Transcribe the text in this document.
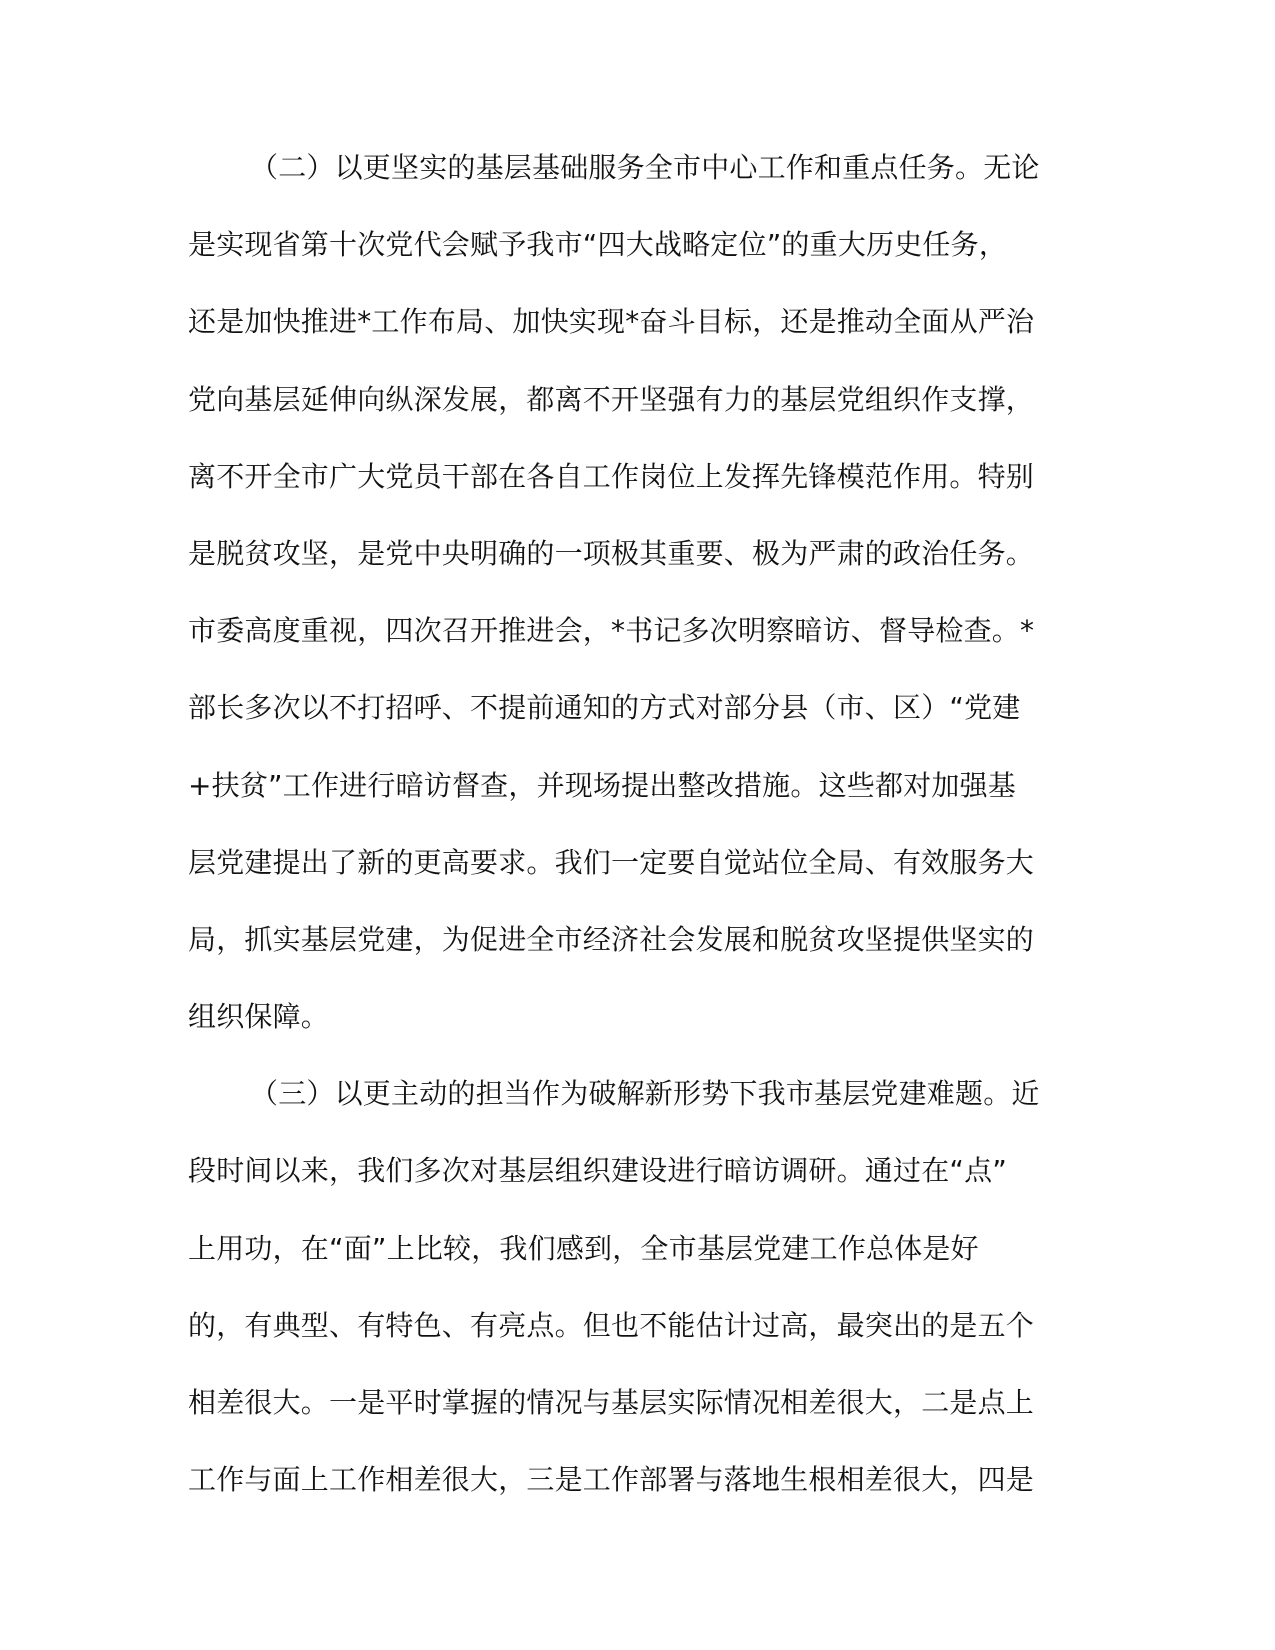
（二）以更坚实的基层基础服务全市中心工作和重点任务。无论
是实现省第十次党代会赋予我市“四大战略定位”的重大历史任务，
还是加快推进*工作布局、加快实现*奋斗目标，还是推动全面从严治
党向基层延伸向纵深发展，都离不开坚强有力的基层党组织作支撑，
离不开全市广大党员干部在各自工作岗位上发挥先锋模范作用。特别
是脱贫攻坚，是党中央明确的一项极其重要、极为严肃的政治任务。
市委高度重视，四次召开推进会，*书记多次明察暗访、督导检查。*
部长多次以不打招呼、不提前通知的方式对部分县（市、区）“党建
+扶贫”工作进行暗访督查，并现场提出整改措施。这些都对加强基
层党建提出了新的更高要求。我们一定要自觉站位全局、有效服务大
局，抓实基层党建，为促进全市经济社会发展和脱贫攻坚提供坚实的
组织保障。
（三）以更主动的担当作为破解新形势下我市基层党建难题。近
段时间以来，我们多次对基层组织建设进行暗访调研。通过在“点”
上用功，在“面”上比较，我们感到，全市基层党建工作总体是好
的，有典型、有特色、有亮点。但也不能估计过高，最突出的是五个
相差很大。一是平时掌握的情况与基层实际情况相差很大，二是点上
工作与面上工作相差很大，三是工作部署与落地生根相差很大，四是
